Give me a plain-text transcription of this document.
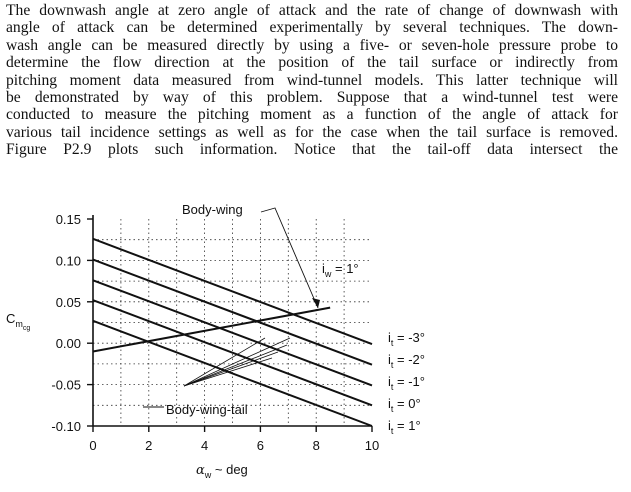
The downwash angle at zero angle of attack and the rate of change of downwash with
angle of attack can be determined experimentally by several techniques. The down-
wash angle can be measured directly by using a five- or seven-hole pressure probe to
determine the flow direction at the position of the tail surface or indirectly from
pitching moment data measured from wind-tunnel models. This latter technique will
be demonstrated by way of this problem. Suppose that a wind-tunnel test were
conducted to measure the pitching moment as a function of the angle of attack for
various tail incidence settings as well as for the case when the tail surface is removed.
Figure P2.9 plots such information. Notice that the tail-off data intersect the
0.15
0.10
0.05
0.00
-0.05
-0.10
0	2	4	6	8	10
$C_{mcg}$
$\alpha_w$ ~ deg
Body-wing
$i_w = 1^\circ$
Body-wing-tail
$i_t = -3^\circ$
$i_t = -2^\circ$
$i_t = -1^\circ$
$i_t = 0^\circ$
$i_t = 1^\circ$
